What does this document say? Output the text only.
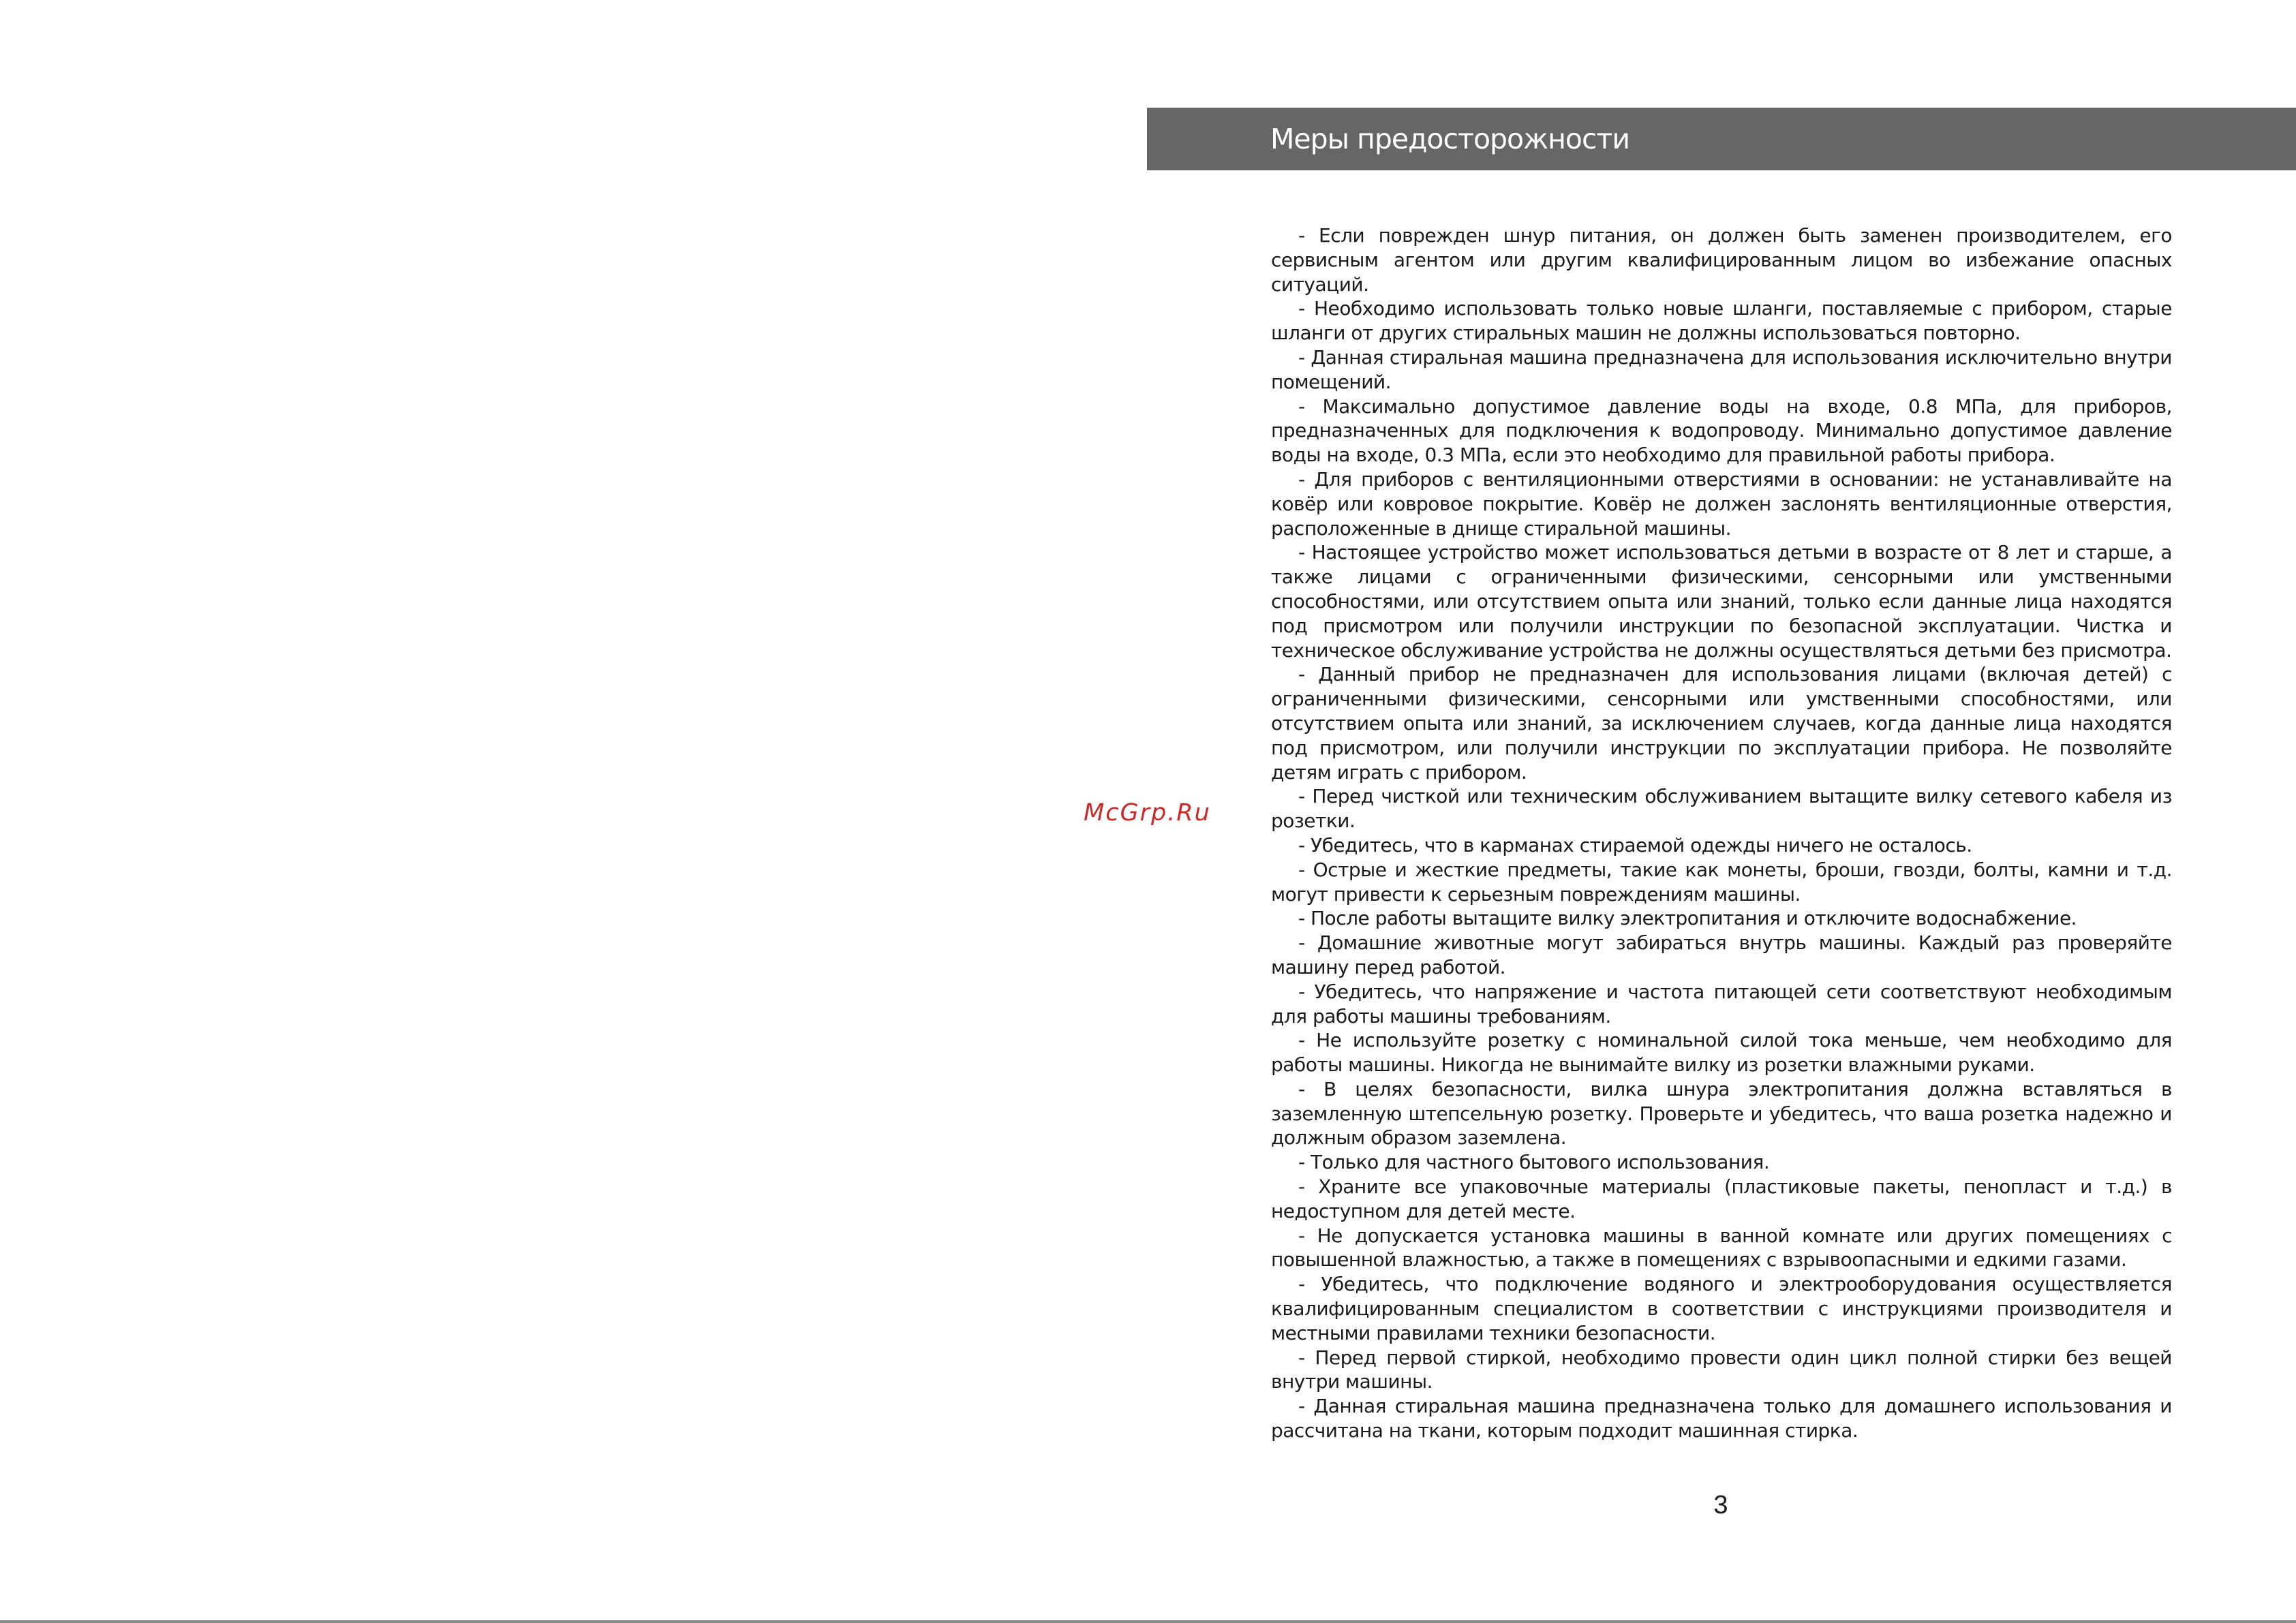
Меры предосторожности
McGrp.Ru

- Если поврежден шнур питания, он должен быть заменен производителем, его сервисным агентом или другим квалифицированным лицом во избежание опасных ситуаций.

- Необходимо использовать только новые шланги, поставляемые с прибором, старые шланги от других стиральных машин не должны использоваться повторно.

- Данная стиральная машина предназначена для использования исключительно внутри помещений.

- Максимально допустимое давление воды на входе, 0.8 МПа, для приборов, предназначенных для подключения к водопроводу. Минимально допустимое давление воды на входе, 0.3 МПа, если это необходимо для правильной работы прибора.

- Для приборов с вентиляционными отверстиями в основании: не устанавливайте на ковёр или ковровое покрытие. Ковёр не должен заслонять вентиляционные отверстия, расположенные в днище стиральной машины.

- Настоящее устройство может использоваться детьми в возрасте от 8 лет и старше, а также лицами с ограниченными физическими, сенсорными или умственными способностями, или отсутствием опыта или знаний, только если данные лица находятся под присмотром или получили инструкции по безопасной эксплуатации. Чистка и техническое обслуживание устройства не должны осуществляться детьми без присмотра.

- Данный прибор не предназначен для использования лицами (включая детей) с ограниченными физическими, сенсорными или умственными способностями, или отсутствием опыта или знаний, за исключением случаев, когда данные лица находятся под присмотром, или получили инструкции по эксплуатации прибора. Не позволяйте детям играть с прибором.

- Перед чисткой или техническим обслуживанием вытащите вилку сетевого кабеля из розетки.

- Убедитесь, что в карманах стираемой одежды ничего не осталось.

- Острые и жесткие предметы, такие как монеты, броши, гвозди, болты, камни и т.д. могут привести к серьезным повреждениям машины.

- После работы вытащите вилку электропитания и отключите водоснабжение.

- Домашние животные могут забираться внутрь машины. Каждый раз проверяйте машину перед работой.

- Убедитесь, что напряжение и частота питающей сети соответствуют необходимым для работы машины требованиям.

- Не используйте розетку с номинальной силой тока меньше, чем необходимо для работы машины. Никогда не вынимайте вилку из розетки влажными руками.

- В целях безопасности, вилка шнура электропитания должна вставляться в заземленную штепсельную розетку. Проверьте и убедитесь, что ваша розетка надежно и должным образом заземлена.

- Только для частного бытового использования.

- Храните все упаковочные материалы (пластиковые пакеты, пенопласт и т.д.) в недоступном для детей месте.

- Не допускается установка машины в ванной комнате или других помещениях с повышенной влажностью, а также в помещениях с взрывоопасными и едкими газами.

- Убедитесь, что подключение водяного и электрооборудования осуществляется квалифицированным специалистом в соответствии с инструкциями производителя и местными правилами техники безопасности.

- Перед первой стиркой, необходимо провести один цикл полной стирки без вещей внутри машины.

- Данная стиральная машина предназначена только для домашнего использования и рассчитана на ткани, которым подходит машинная стирка.

3
